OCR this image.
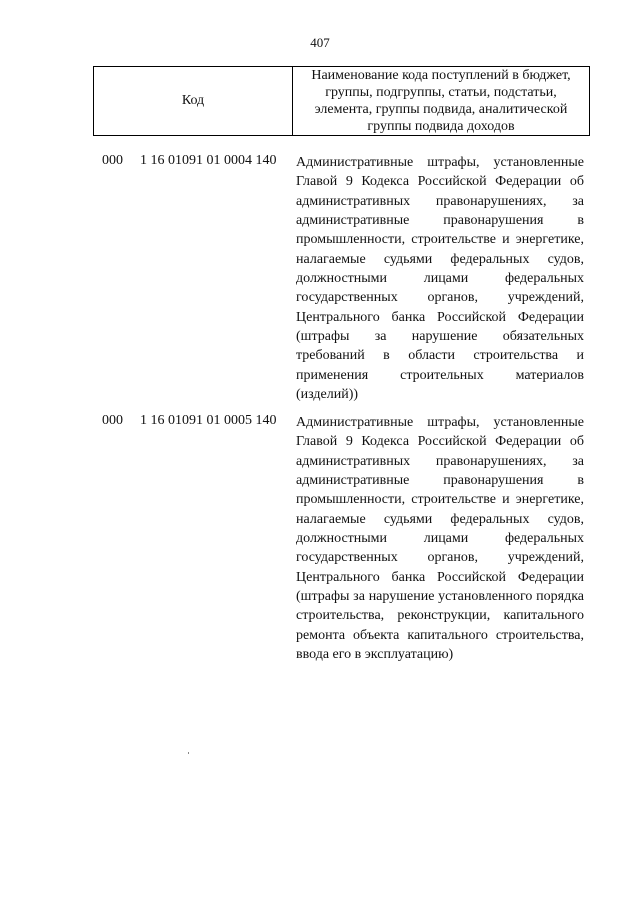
407
Код
Наименование кода поступлений в бюджет, группы, подгруппы, статьи, подстатьи, элемента, группы подвида, аналитической группы подвида доходов
000 1 16 01091 01 0004 140 Административные штрафы, установленные Главой 9 Кодекса Российской Федерации об административных правонарушениях, за административные правонарушения в промышленности, строительстве и энергетике, налагаемые судьями федеральных судов, должностными лицами федеральных государственных органов, учреждений, Центрального банка Российской Федерации (штрафы за нарушение обязательных требований в области строительства и применения строительных материалов (изделий))
000 1 16 01091 01 0005 140 Административные штрафы, установленные Главой 9 Кодекса Российской Федерации об административных правонарушениях, за административные правонарушения в промышленности, строительстве и энергетике, налагаемые судьями федеральных судов, должностными лицами федеральных государственных органов, учреждений, Центрального банка Российской Федерации (штрафы за нарушение установленного порядка строительства, реконструкции, капитального ремонта объекта капитального строительства, ввода его в эксплуатацию)
